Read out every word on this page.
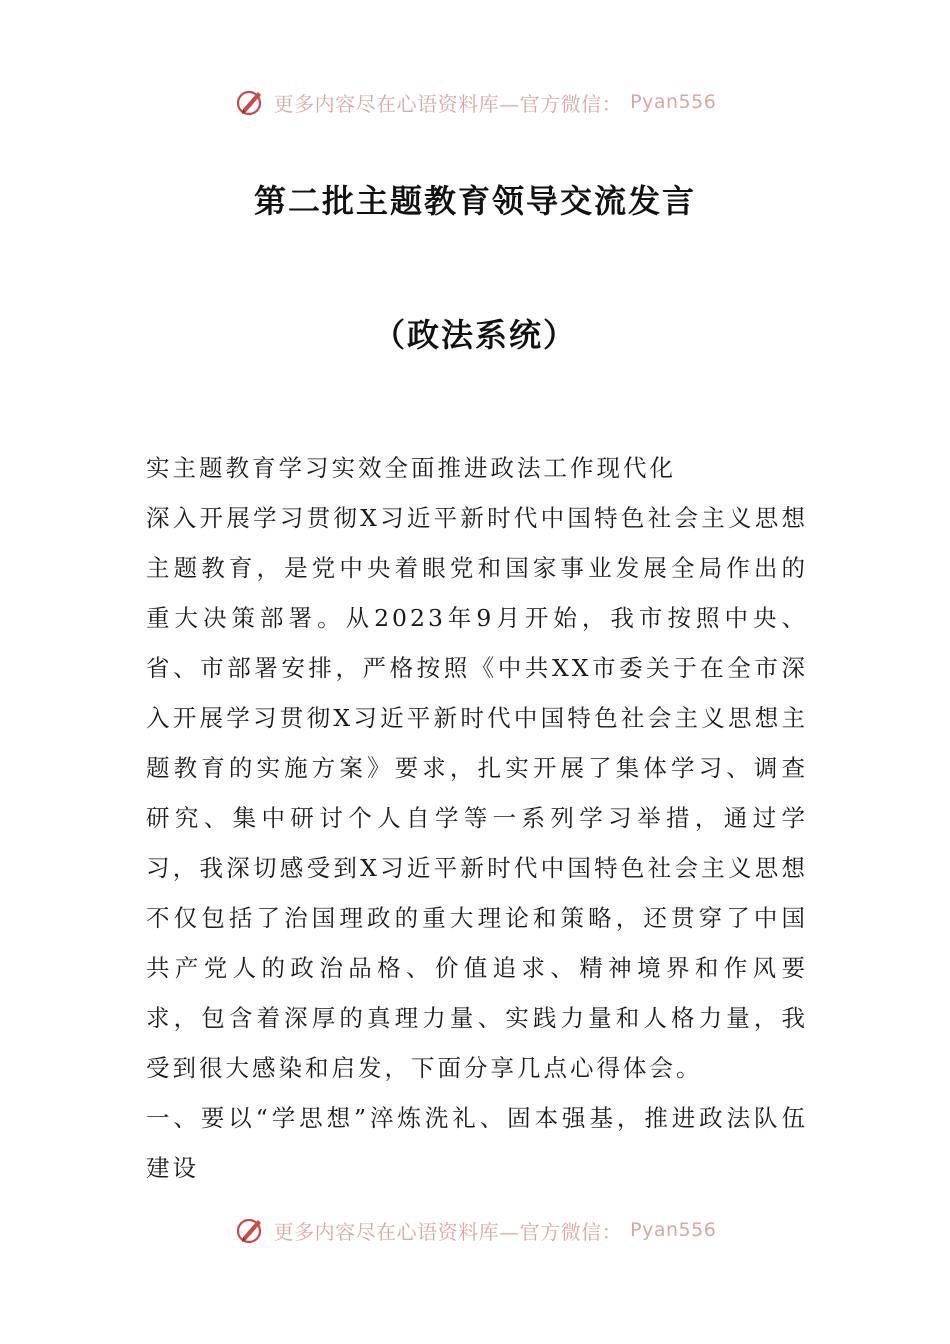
更多内容尽在心语资料库—官方微信： Pyan556
第二批主题教育领导交流发言
（政法系统）

实主题教育学习实效全面推进政法工作现代化

深入开展学习贯彻X习近平新时代中国特色社会主义思想主题教育，是党中央着眼党和国家事业发展全局作出的重大决策部署。从2023年9月开始，我市按照中央、省、市部署安排，严格按照《中共XX市委关于在全市深入开展学习贯彻X习近平新时代中国特色社会主义思想主题教育的实施方案》要求，扎实开展了集体学习、调查研究、集中研讨个人自学等一系列学习举措，通过学习，我深切感受到X习近平新时代中国特色社会主义思想不仅包括了治国理政的重大理论和策略，还贯穿了中国共产党人的政治品格、价值追求、精神境界和作风要求，包含着深厚的真理力量、实践力量和人格力量，我受到很大感染和启发，下面分享几点心得体会。

一、要以“学思想”淬炼洗礼、固本强基，推进政法队伍建设

更多内容尽在心语资料库—官方微信： Pyan556
